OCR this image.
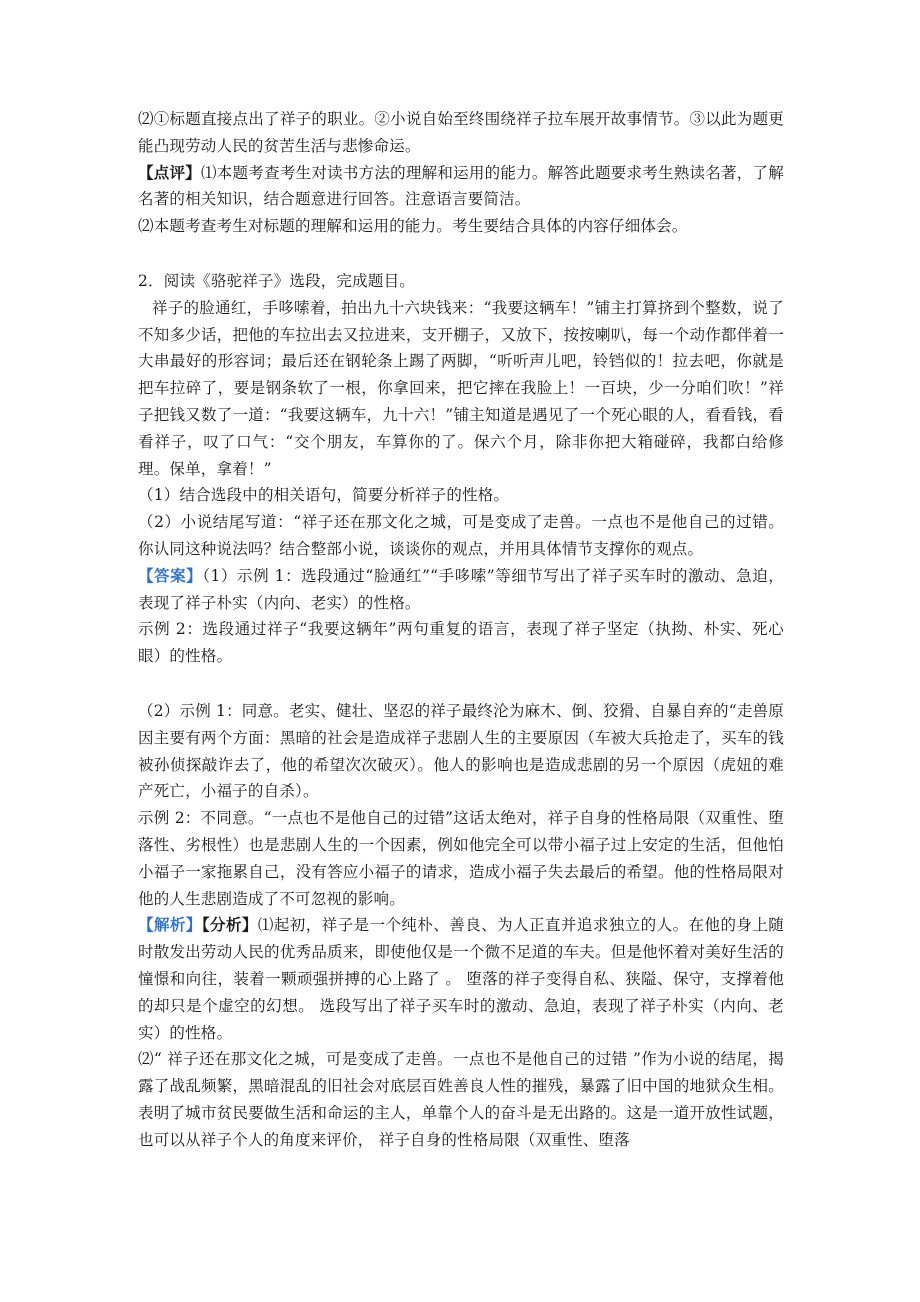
⑵①标题直接点出了祥子的职业。②小说自始至终围绕祥子拉车展开故事情节。③以此为题更能凸现劳动人民的贫苦生活与悲惨命运。

【点评】⑴本题考查考生对读书方法的理解和运用的能力。解答此题要求考生熟读名著，了解名著的相关知识，结合题意进行回答。注意语言要简洁。

⑵本题考查考生对标题的理解和运用的能力。考生要结合具体的内容仔细体会。

2．阅读《骆驼祥子》选段，完成题目。

祥子的脸通红，手哆嗦着，拍出九十六块钱来：“我要这辆车！”铺主打算挤到个整数，说了不知多少话，把他的车拉出去又拉进来，支开棚子，又放下，按按喇叭，每一个动作都伴着一大串最好的形容词；最后还在钢轮条上踢了两脚，“听听声儿吧，铃铛似的！拉去吧，你就是把车拉碎了，要是钢条软了一根，你拿回来，把它摔在我脸上！一百块，少一分咱们吹！”祥子把钱又数了一道：“我要这辆车，九十六！”铺主知道是遇见了一个死心眼的人，看看钱，看看祥子，叹了口气：“交个朋友，车算你的了。保六个月，除非你把大箱碰碎，我都白给修理。保单，拿着！”

（1）结合选段中的相关语句，简要分析祥子的性格。

（2）小说结尾写道：“祥子还在那文化之城，可是变成了走兽。一点也不是他自己的过错。你认同这种说法吗？结合整部小说，谈谈你的观点，并用具体情节支撑你的观点。

【答案】（1）示例 1：选段通过“脸通红”“手哆嗦”等细节写出了祥子买车时的激动、急迫，表现了祥子朴实（内向、老实）的性格。

示例 2：选段通过祥子“我要这辆年”两句重复的语言，表现了祥子坚定（执拗、朴实、死心眼）的性格。

（2）示例 1：同意。老实、健壮、坚忍的祥子最终沦为麻木、倒、狡猾、自暴自弃的“走兽原因主要有两个方面：黑暗的社会是造成祥子悲剧人生的主要原因（车被大兵抢走了，买车的钱被孙侦探敲诈去了，他的希望次次破灭）。他人的影响也是造成悲剧的另一个原因（虎妞的难产死亡，小福子的自杀）。

示例 2：不同意。“一点也不是他自己的过错”这话太绝对，祥子自身的性格局限（双重性、堕落性、劣根性）也是悲剧人生的一个因素，例如他完全可以带小福子过上安定的生活，但他怕小福子一家拖累自己，没有答应小福子的请求，造成小福子失去最后的希望。他的性格局限对他的人生悲剧造成了不可忽视的影响。

【解析】【分析】⑴起初，祥子是一个纯朴、善良、为人正直并追求独立的人。在他的身上随时散发出劳动人民的优秀品质来，即使他仅是一个微不足道的车夫。但是他怀着对美好生活的憧憬和向往，装着一颗顽强拼搏的心上路了 。 堕落的祥子变得自私、狭隘、保守，支撑着他的却只是个虚空的幻想。 选段写出了祥子买车时的激动、急迫，表现了祥子朴实（内向、老实）的性格。

⑵“ 祥子还在那文化之城，可是变成了走兽。一点也不是他自己的过错 ”作为小说的结尾，揭露了战乱频繁，黑暗混乱的旧社会对底层百姓善良人性的摧残，暴露了旧中国的地狱众生相。表明了城市贫民要做生活和命运的主人，单靠个人的奋斗是无出路的。这是一道开放性试题，也可以从祥子个人的角度来评价， 祥子自身的性格局限（双重性、堕落
